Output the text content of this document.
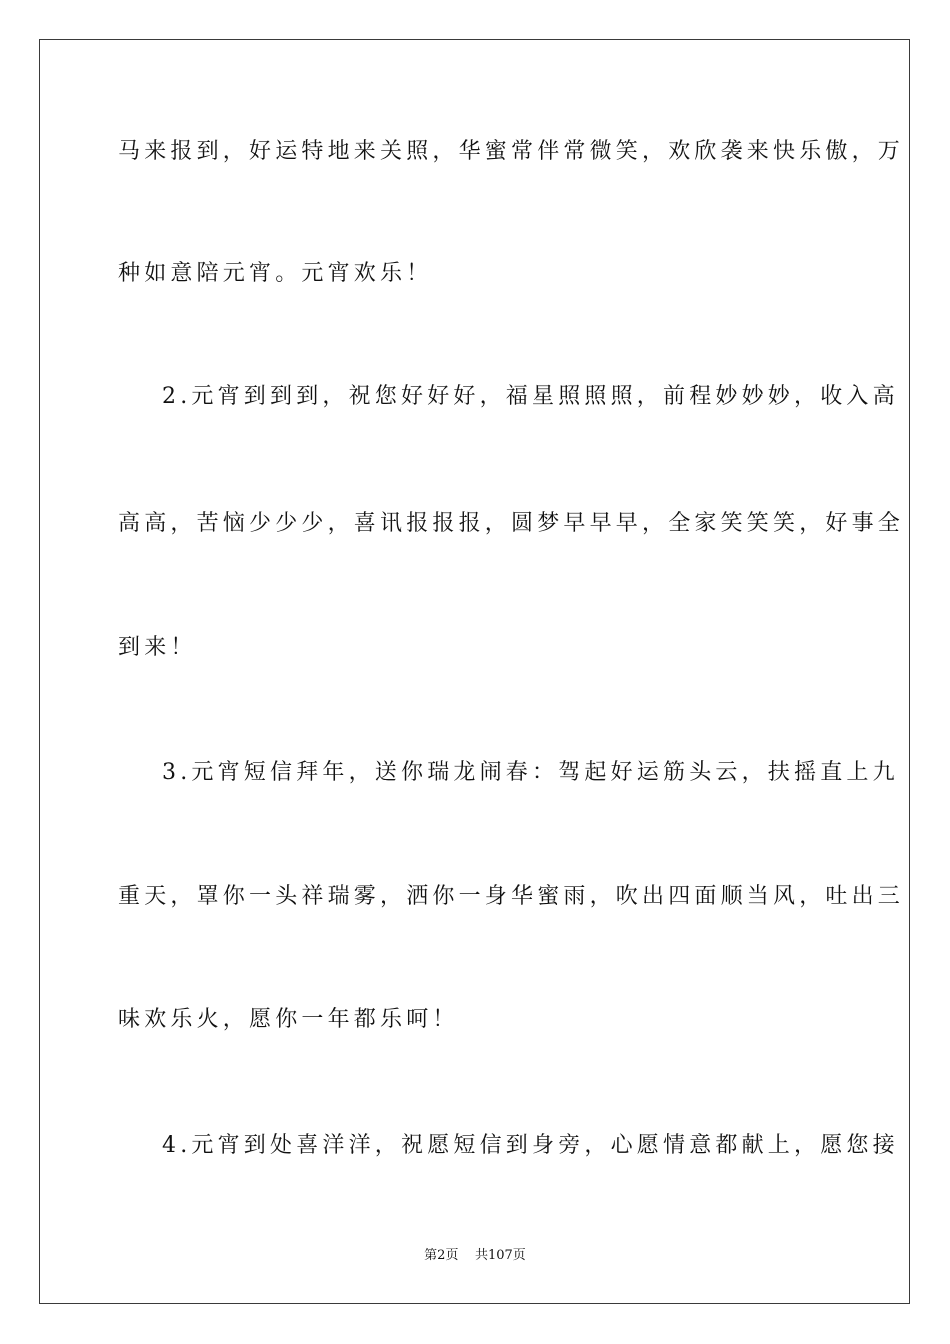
马来报到，好运特地来关照，华蜜常伴常微笑，欢欣袭来快乐傲，万

种如意陪元宵。元宵欢乐！

2.元宵到到到，祝您好好好，福星照照照，前程妙妙妙，收入高

高高，苦恼少少少，喜讯报报报，圆梦早早早，全家笑笑笑，好事全

到来！

3.元宵短信拜年，送你瑞龙闹春：驾起好运筋头云，扶摇直上九

重天，罩你一头祥瑞雾，洒你一身华蜜雨，吹出四面顺当风，吐出三

味欢乐火，愿你一年都乐呵！

4.元宵到处喜洋洋，祝愿短信到身旁，心愿情意都献上，愿您接

第2页 共107页
